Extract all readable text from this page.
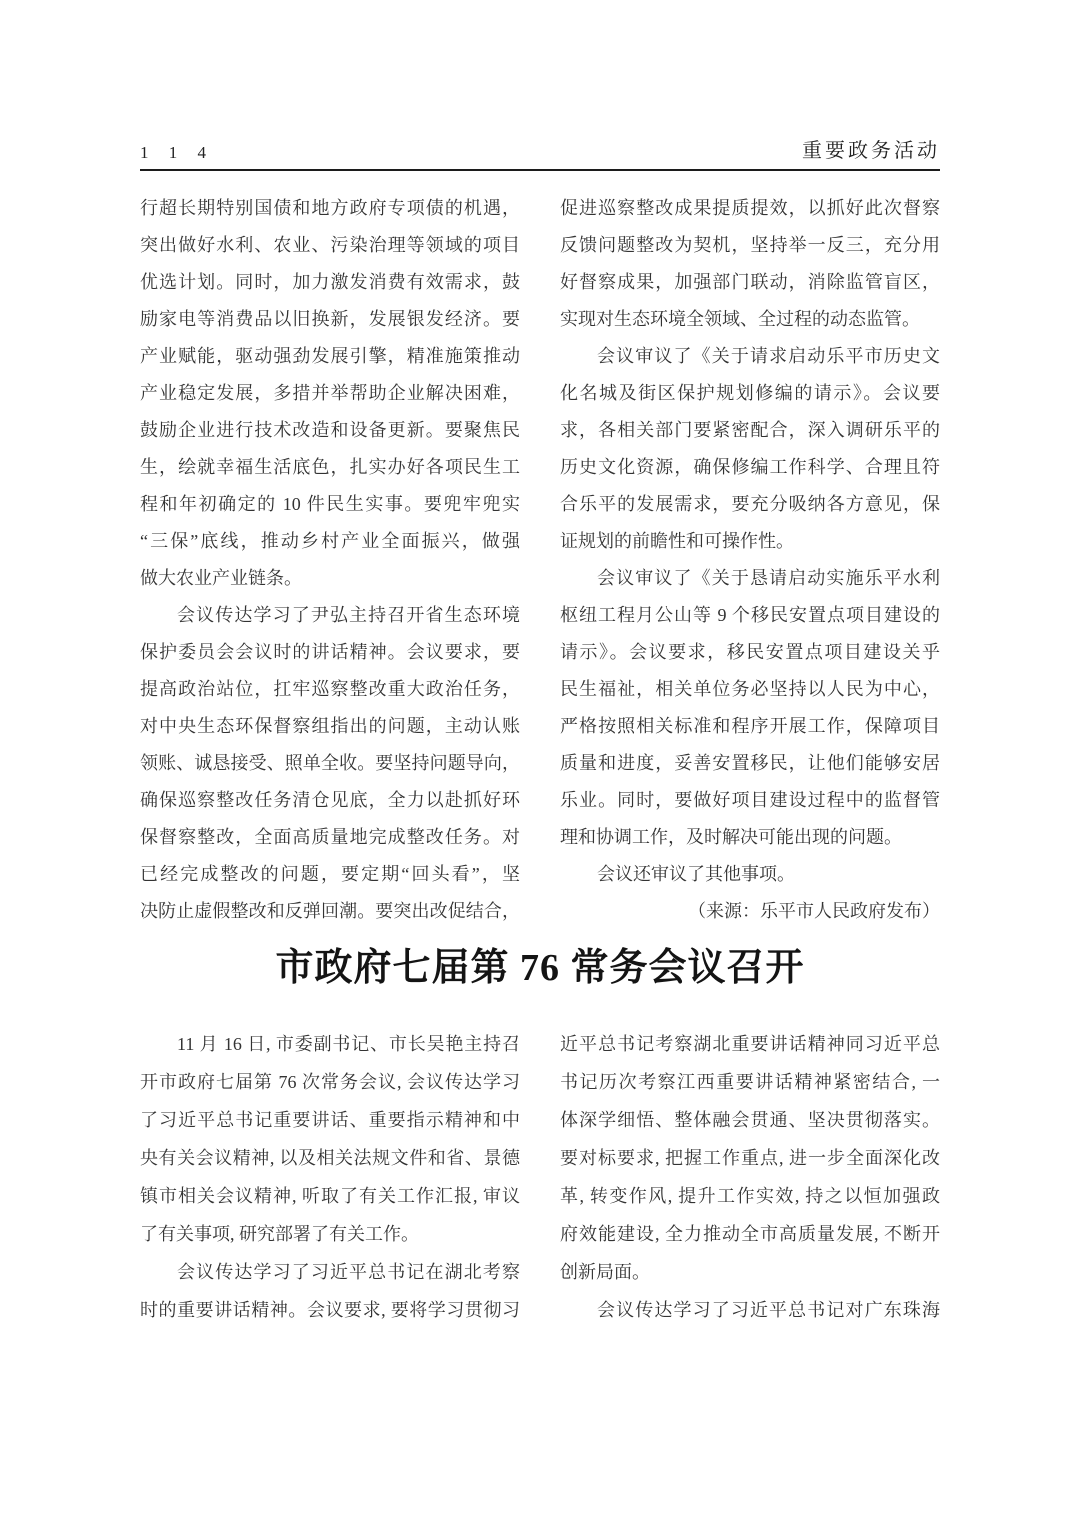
1 1 4	重要政务活动
行超长期特别国债和地方政府专项债的机遇，
突出做好水利、农业、污染治理等领域的项目
优选计划。同时，加力激发消费有效需求，鼓
励家电等消费品以旧换新，发展银发经济。要
产业赋能，驱动强劲发展引擎，精准施策推动
产业稳定发展，多措并举帮助企业解决困难，
鼓励企业进行技术改造和设备更新。要聚焦民
生，绘就幸福生活底色，扎实办好各项民生工
程和年初确定的 10 件民生实事。要兜牢兜实
“三保”底线，推动乡村产业全面振兴，做强
做大农业产业链条。
会议传达学习了尹弘主持召开省生态环境
保护委员会会议时的讲话精神。会议要求，要
提高政治站位，扛牢巡察整改重大政治任务，
对中央生态环保督察组指出的问题，主动认账
领账、诚恳接受、照单全收。要坚持问题导向，
确保巡察整改任务清仓见底，全力以赴抓好环
保督察整改，全面高质量地完成整改任务。对
已经完成整改的问题，要定期“回头看”，坚
决防止虚假整改和反弹回潮。要突出改促结合，
促进巡察整改成果提质提效，以抓好此次督察
反馈问题整改为契机，坚持举一反三，充分用
好督察成果，加强部门联动，消除监管盲区，
实现对生态环境全领域、全过程的动态监管。
会议审议了《关于请求启动乐平市历史文
化名城及街区保护规划修编的请示》。会议要
求，各相关部门要紧密配合，深入调研乐平的
历史文化资源，确保修编工作科学、合理且符
合乐平的发展需求，要充分吸纳各方意见，保
证规划的前瞻性和可操作性。
会议审议了《关于恳请启动实施乐平水利
枢纽工程月公山等 9 个移民安置点项目建设的
请示》。会议要求，移民安置点项目建设关乎
民生福祉，相关单位务必坚持以人民为中心，
严格按照相关标准和程序开展工作，保障项目
质量和进度，妥善安置移民，让他们能够安居
乐业。同时，要做好项目建设过程中的监督管
理和协调工作，及时解决可能出现的问题。
会议还审议了其他事项。
（来源：乐平市人民政府发布）
市政府七届第 76 常务会议召开
11 月 16 日, 市委副书记、市长吴艳主持召
开市政府七届第 76 次常务会议, 会议传达学习
了习近平总书记重要讲话、重要指示精神和中
央有关会议精神, 以及相关法规文件和省、景德
镇市相关会议精神, 听取了有关工作汇报, 审议
了有关事项, 研究部署了有关工作。
会议传达学习了习近平总书记在湖北考察
时的重要讲话精神。会议要求, 要将学习贯彻习
近平总书记考察湖北重要讲话精神同习近平总
书记历次考察江西重要讲话精神紧密结合, 一
体深学细悟、整体融会贯通、坚决贯彻落实。
要对标要求, 把握工作重点, 进一步全面深化改
革, 转变作风, 提升工作实效, 持之以恒加强政
府效能建设, 全力推动全市高质量发展, 不断开
创新局面。
会议传达学习了习近平总书记对广东珠海
